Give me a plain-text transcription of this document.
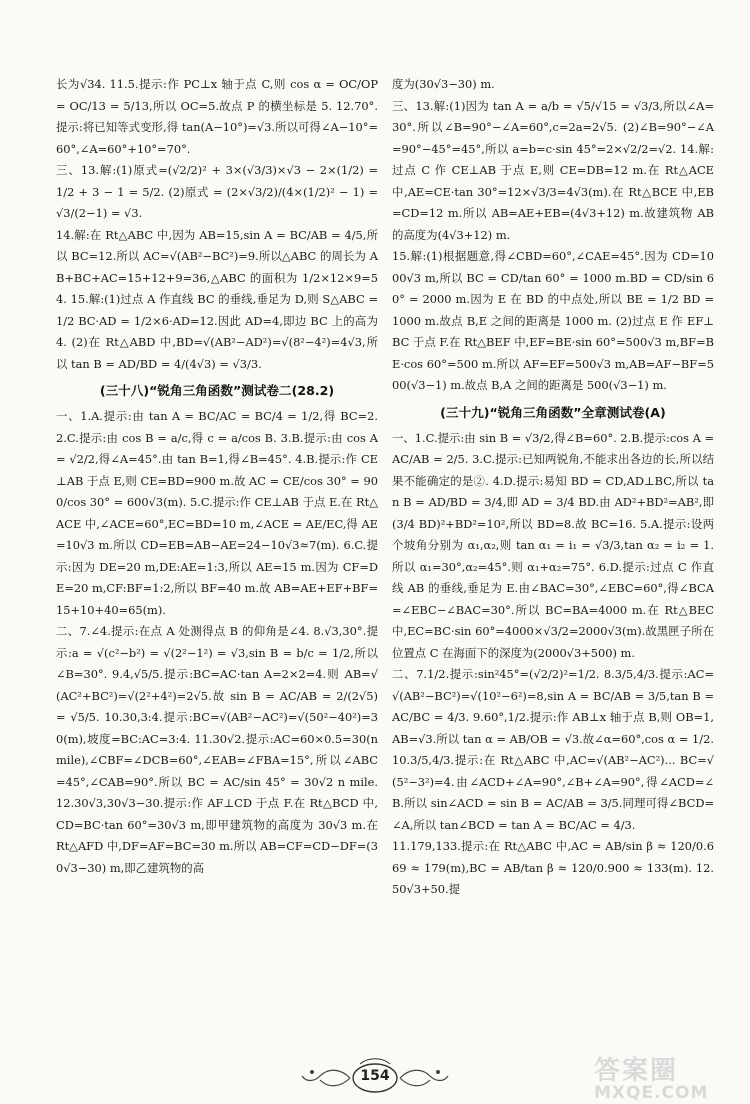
长为√34. 11.5.提示:作 PC⊥x 轴于点 C,则 cos α = OC/OP = OC/13 = 5/13,所以 OC=5.故点 P 的横坐标是 5. 12.70°.提示:将已知等式变形,得 tan(A−10°)=√3.所以可得∠A−10°=60°,∠A=60°+10°=70°.

三、13.解:(1)原式=(√2/2)² + 3×(√3/3)×√3 − 2×(1/2) = 1/2 + 3 − 1 = 5/2. (2)原式 = (2×√3/2)/(4×(1/2)² − 1) = √3/(2−1) = √3.

14.解:在 Rt△ABC 中,因为 AB=15,sin A = BC/AB = 4/5,所以 BC=12.所以 AC=√(AB²−BC²)=9.所以△ABC 的周长为 AB+BC+AC=15+12+9=36,△ABC 的面积为 1/2×12×9=54. 15.解:(1)过点 A 作直线 BC 的垂线,垂足为 D,则 S△ABC = 1/2 BC·AD = 1/2×6·AD=12.因此 AD=4,即边 BC 上的高为 4. (2)在 Rt△ABD 中,BD=√(AB²−AD²)=√(8²−4²)=4√3,所以 tan B = AD/BD = 4/(4√3) = √3/3.

(三十八)“锐角三角函数”测试卷二(28.2)

一、1.A.提示:由 tan A = BC/AC = BC/4 = 1/2,得 BC=2. 2.C.提示:由 cos B = a/c,得 c = a/cos B. 3.B.提示:由 cos A = √2/2,得∠A=45°.由 tan B=1,得∠B=45°. 4.B.提示:作 CE⊥AB 于点 E,则 CE=BD=900 m.故 AC = CE/cos 30° = 900/cos 30° = 600√3(m). 5.C.提示:作 CE⊥AB 于点 E.在 Rt△ACE 中,∠ACE=60°,EC=BD=10 m,∠ACE = AE/EC,得 AE=10√3 m.所以 CD=EB=AB−AE=24−10√3≈7(m). 6.C.提示:因为 DE=20 m,DE:AE=1:3,所以 AE=15 m.因为 CF=DE=20 m,CF:BF=1:2,所以 BF=40 m.故 AB=AE+EF+BF=15+10+40=65(m).

二、7.∠4.提示:在点 A 处测得点 B 的仰角是∠4. 8.√3,30°.提示:a = √(c²−b²) = √(2²−1²) = √3,sin B = b/c = 1/2,所以∠B=30°. 9.4,√5/5.提示:BC=AC·tan A=2×2=4.则 AB=√(AC²+BC²)=√(2²+4²)=2√5.故 sin B = AC/AB = 2/(2√5) = √5/5. 10.30,3:4.提示:BC=√(AB²−AC²)=√(50²−40²)=30(m),坡度=BC:AC=3:4. 11.30√2.提示:AC=60×0.5=30(n mile),∠CBF=∠DCB=60°,∠EAB=∠FBA=15°,所以∠ABC=45°,∠CAB=90°.所以 BC = AC/sin 45° = 30√2 n mile. 12.30√3,30√3−30.提示:作 AF⊥CD 于点 F.在 Rt△BCD 中,CD=BC·tan 60°=30√3 m,即甲建筑物的高度为 30√3 m.在 Rt△AFD 中,DF=AF=BC=30 m.所以 AB=CF=CD−DF=(30√3−30) m,即乙建筑物的高

度为(30√3−30) m.

三、13.解:(1)因为 tan A = a/b = √5/√15 = √3/3,所以∠A=30°.所以∠B=90°−∠A=60°,c=2a=2√5. (2)∠B=90°−∠A=90°−45°=45°,所以 a=b=c·sin 45°=2×√2/2=√2. 14.解:过点 C 作 CE⊥AB 于点 E,则 CE=DB=12 m.在 Rt△ACE 中,AE=CE·tan 30°=12×√3/3=4√3(m).在 Rt△BCE 中,EB=CD=12 m.所以 AB=AE+EB=(4√3+12) m.故建筑物 AB 的高度为(4√3+12) m.

15.解:(1)根据题意,得∠CBD=60°,∠CAE=45°.因为 CD=1000√3 m,所以 BC = CD/tan 60° = 1000 m.BD = CD/sin 60° = 2000 m.因为 E 在 BD 的中点处,所以 BE = 1/2 BD = 1000 m.故点 B,E 之间的距离是 1000 m. (2)过点 E 作 EF⊥BC 于点 F.在 Rt△BEF 中,EF=BE·sin 60°=500√3 m,BF=BE·cos 60°=500 m.所以 AF=EF=500√3 m,AB=AF−BF=500(√3−1) m.故点 B,A 之间的距离是 500(√3−1) m.

(三十九)“锐角三角函数”全章测试卷(A)

一、1.C.提示:由 sin B = √3/2,得∠B=60°. 2.B.提示:cos A = AC/AB = 2/5. 3.C.提示:已知两锐角,不能求出各边的长,所以结果不能确定的是②. 4.D.提示:易知 BD = CD,AD⊥BC,所以 tan B = AD/BD = 3/4,即 AD = 3/4 BD.由 AD²+BD²=AB²,即(3/4 BD)²+BD²=10²,所以 BD=8.故 BC=16. 5.A.提示:设两个坡角分别为 α₁,α₂,则 tan α₁ = i₁ = √3/3,tan α₂ = i₂ = 1.所以 α₁=30°,α₂=45°.则 α₁+α₂=75°. 6.D.提示:过点 C 作直线 AB 的垂线,垂足为 E.由∠BAC=30°,∠EBC=60°,得∠BCA=∠EBC−∠BAC=30°.所以 BC=BA=4000 m.在 Rt△BEC 中,EC=BC·sin 60°=4000×√3/2=2000√3(m).故黑匣子所在位置点 C 在海面下的深度为(2000√3+500) m.

二、7.1/2.提示:sin²45°=(√2/2)²=1/2. 8.3/5,4/3.提示:AC=√(AB²−BC²)=√(10²−6²)=8,sin A = BC/AB = 3/5,tan B = AC/BC = 4/3. 9.60°,1/2.提示:作 AB⊥x 轴于点 B,则 OB=1,AB=√3.所以 tan α = AB/OB = √3.故∠α=60°,cos α = 1/2. 10.3/5,4/3.提示:在 Rt△ABC 中,AC=√(AB²−AC²)... BC=√(5²−3²)=4.由∠ACD+∠A=90°,∠B+∠A=90°,得∠ACD=∠B.所以 sin∠ACD = sin B = AC/AB = 3/5.同理可得∠BCD=∠A,所以 tan∠BCD = tan A = BC/AC = 4/3.

11.179,133.提示:在 Rt△ABC 中,AC = AB/sin β ≈ 120/0.669 ≈ 179(m),BC = AB/tan β ≈ 120/0.900 ≈ 133(m). 12.50√3+50.提

154	答案圈
MXQE.COM
